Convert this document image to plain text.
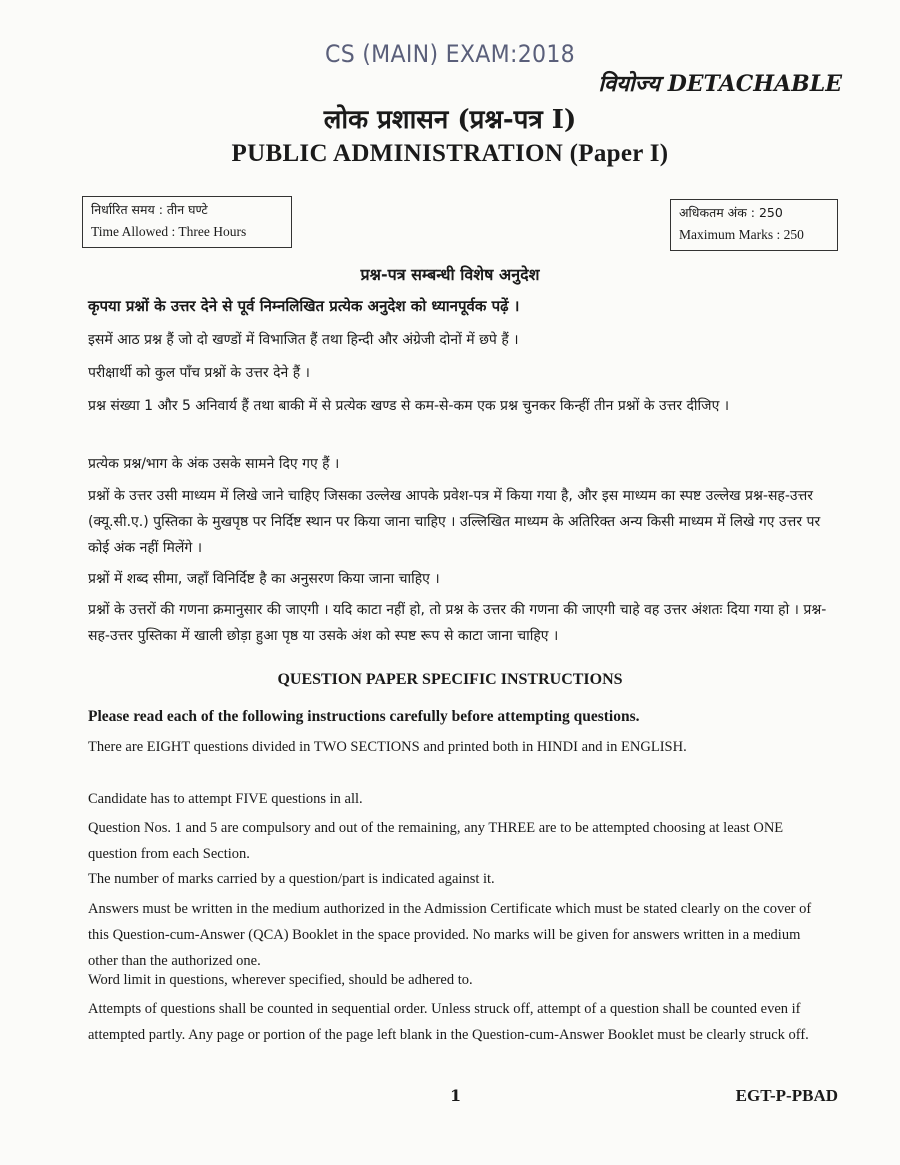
CS (MAIN) EXAM:2018
वियोज्य DETACHABLE
लोक प्रशासन (प्रश्न-पत्र I)
PUBLIC ADMINISTRATION (Paper I)
निर्धारित समय : तीन घण्टे
Time Allowed : Three Hours
अधिकतम अंक : 250
Maximum Marks : 250
प्रश्न-पत्र सम्बन्धी विशेष अनुदेश
कृपया प्रश्नों के उत्तर देने से पूर्व निम्नलिखित प्रत्येक अनुदेश को ध्यानपूर्वक पढ़ें ।
इसमें आठ प्रश्न हैं जो दो खण्डों में विभाजित हैं तथा हिन्दी और अंग्रेजी दोनों में छपे हैं ।
परीक्षार्थी को कुल पाँच प्रश्नों के उत्तर देने हैं ।
प्रश्न संख्या 1 और 5 अनिवार्य हैं तथा बाकी में से प्रत्येक खण्ड से कम-से-कम एक प्रश्न चुनकर किन्हीं तीन प्रश्नों के उत्तर दीजिए ।
प्रत्येक प्रश्न/भाग के अंक उसके सामने दिए गए हैं ।
प्रश्नों के उत्तर उसी माध्यम में लिखे जाने चाहिए जिसका उल्लेख आपके प्रवेश-पत्र में किया गया है, और इस माध्यम का स्पष्ट उल्लेख प्रश्न-सह-उत्तर (क्यू.सी.ए.) पुस्तिका के मुखपृष्ठ पर निर्दिष्ट स्थान पर किया जाना चाहिए । उल्लिखित माध्यम के अतिरिक्त अन्य किसी माध्यम में लिखे गए उत्तर पर कोई अंक नहीं मिलेंगे ।
प्रश्नों में शब्द सीमा, जहाँ विनिर्दिष्ट है का अनुसरण किया जाना चाहिए ।
प्रश्नों के उत्तरों की गणना क्रमानुसार की जाएगी । यदि काटा नहीं हो, तो प्रश्न के उत्तर की गणना की जाएगी चाहे वह उत्तर अंशतः दिया गया हो । प्रश्न-सह-उत्तर पुस्तिका में खाली छोड़ा हुआ पृष्ठ या उसके अंश को स्पष्ट रूप से काटा जाना चाहिए ।
QUESTION PAPER SPECIFIC INSTRUCTIONS
Please read each of the following instructions carefully before attempting questions.
There are EIGHT questions divided in TWO SECTIONS and printed both in HINDI and in ENGLISH.
Candidate has to attempt FIVE questions in all.
Question Nos. 1 and 5 are compulsory and out of the remaining, any THREE are to be attempted choosing at least ONE question from each Section.
The number of marks carried by a question/part is indicated against it.
Answers must be written in the medium authorized in the Admission Certificate which must be stated clearly on the cover of this Question-cum-Answer (QCA) Booklet in the space provided. No marks will be given for answers written in a medium other than the authorized one.
Word limit in questions, wherever specified, should be adhered to.
Attempts of questions shall be counted in sequential order. Unless struck off, attempt of a question shall be counted even if attempted partly. Any page or portion of the page left blank in the Question-cum-Answer Booklet must be clearly struck off.
1	EGT-P-PBAD
